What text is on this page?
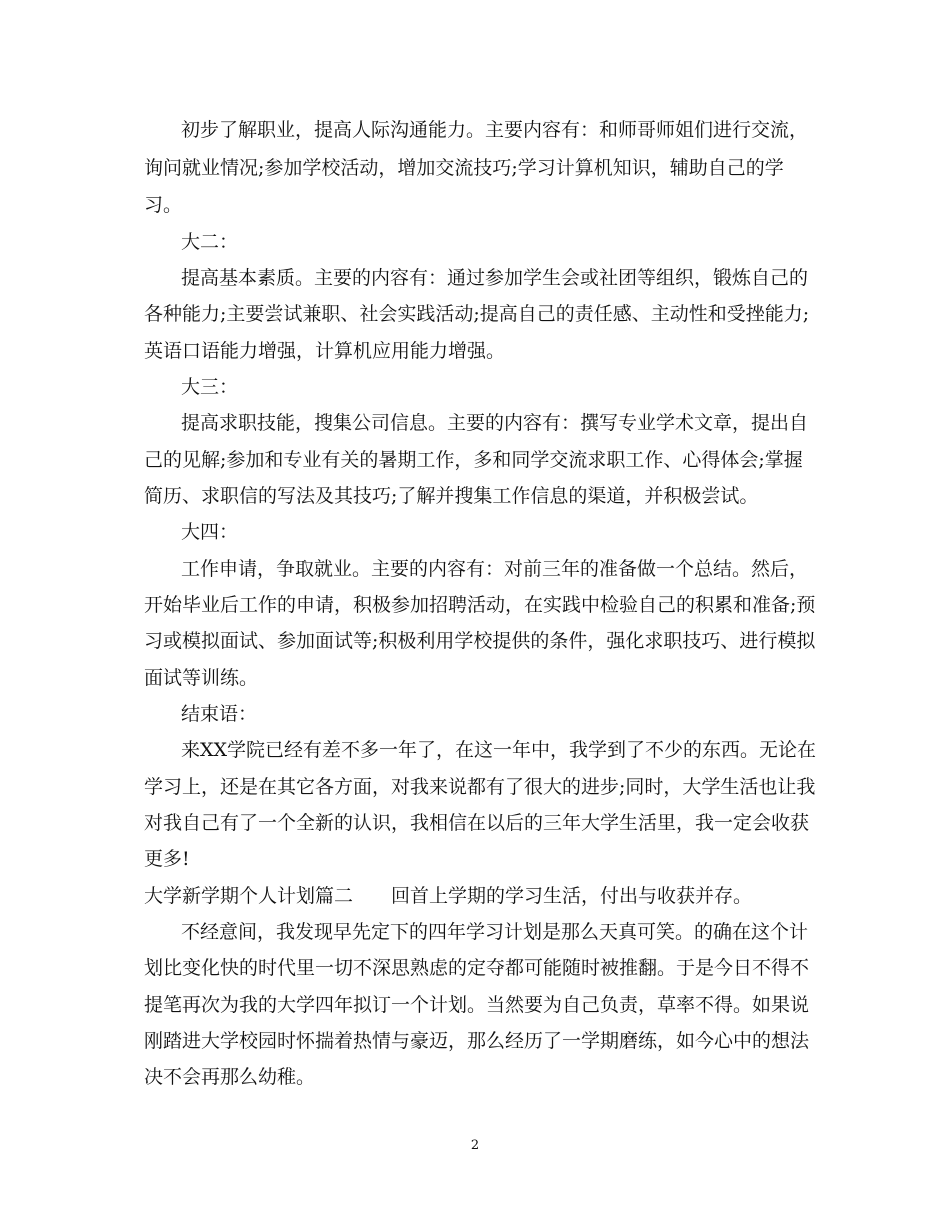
初步了解职业，提高人际沟通能力。主要内容有：和师哥师姐们进行交流，
询问就业情况;参加学校活动，增加交流技巧;学习计算机知识，辅助自己的学
习。
大二：
提高基本素质。主要的内容有：通过参加学生会或社团等组织，锻炼自己的
各种能力;主要尝试兼职、社会实践活动;提高自己的责任感、主动性和受挫能力;
英语口语能力增强，计算机应用能力增强。
大三：
提高求职技能，搜集公司信息。主要的内容有：撰写专业学术文章，提出自
己的见解;参加和专业有关的暑期工作，多和同学交流求职工作、心得体会;掌握
简历、求职信的写法及其技巧;了解并搜集工作信息的渠道，并积极尝试。
大四：
工作申请，争取就业。主要的内容有：对前三年的准备做一个总结。然后，
开始毕业后工作的申请，积极参加招聘活动，在实践中检验自己的积累和准备;预
习或模拟面试、参加面试等;积极利用学校提供的条件，强化求职技巧、进行模拟
面试等训练。
结束语：
来XX学院已经有差不多一年了，在这一年中，我学到了不少的东西。无论在
学习上，还是在其它各方面，对我来说都有了很大的进步;同时，大学生活也让我
对我自己有了一个全新的认识，我相信在以后的三年大学生活里，我一定会收获
更多!
大学新学期个人计划篇二　　回首上学期的学习生活，付出与收获并存。
不经意间，我发现早先定下的四年学习计划是那么天真可笑。的确在这个计
划比变化快的时代里一切不深思熟虑的定夺都可能随时被推翻。于是今日不得不
提笔再次为我的大学四年拟订一个计划。当然要为自己负责，草率不得。如果说
刚踏进大学校园时怀揣着热情与豪迈，那么经历了一学期磨练，如今心中的想法
决不会再那么幼稚。
2
